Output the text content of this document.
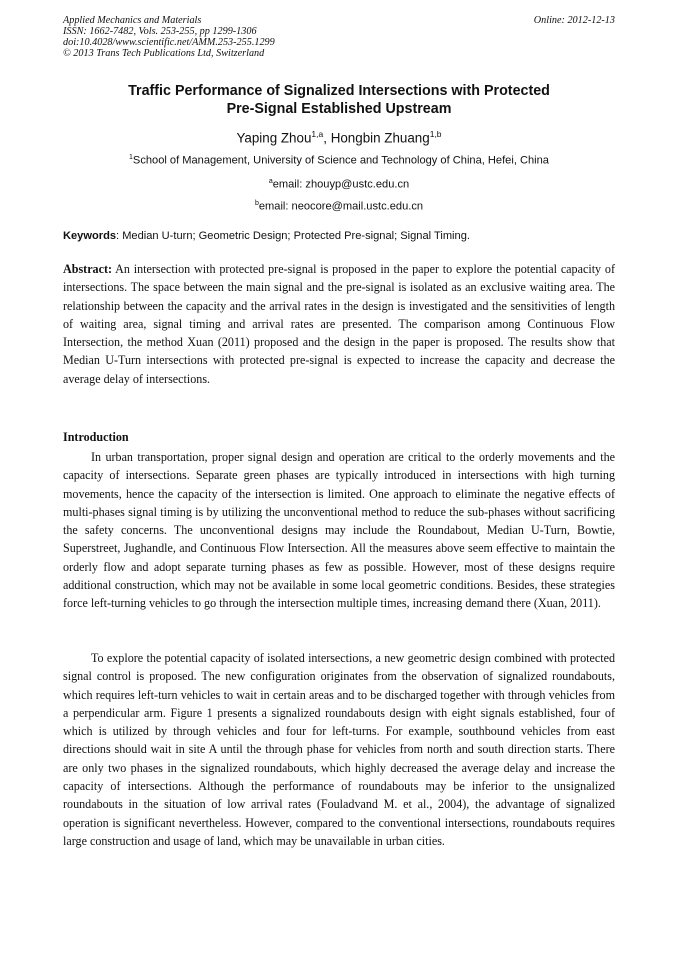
Applied Mechanics and Materials
ISSN: 1662-7482, Vols. 253-255, pp 1299-1306
doi:10.4028/www.scientific.net/AMM.253-255.1299
© 2013 Trans Tech Publications Ltd, Switzerland
Online: 2012-12-13
Traffic Performance of Signalized Intersections with Protected
Pre-Signal Established Upstream
Yaping Zhou$^{1,a}$, Hongbin Zhuang$^{1,b}$
$^1$School of Management, University of Science and Technology of China, Hefei, China
$^a$email: zhouyp@ustc.edu.cn
$^b$email: neocore@mail.ustc.edu.cn
Keywords: Median U-turn; Geometric Design; Protected Pre-signal; Signal Timing.
Abstract: An intersection with protected pre-signal is proposed in the paper to explore the potential capacity of intersections. The space between the main signal and the pre-signal is isolated as an exclusive waiting area. The relationship between the capacity and the arrival rates in the design is investigated and the sensitivities of length of waiting area, signal timing and arrival rates are presented. The comparison among Continuous Flow Intersection, the method Xuan (2011) proposed and the design in the paper is proposed. The results show that Median U-Turn intersections with protected pre-signal is expected to increase the capacity and decrease the average delay of intersections.
Introduction
In urban transportation, proper signal design and operation are critical to the orderly movements and the capacity of intersections. Separate green phases are typically introduced in intersections with high turning movements, hence the capacity of the intersection is limited. One approach to eliminate the negative effects of multi-phases signal timing is by utilizing the unconventional method to reduce the sub-phases without sacrificing the safety concerns. The unconventional designs may include the Roundabout, Median U-Turn, Bowtie, Superstreet, Jughandle, and Continuous Flow Intersection. All the measures above seem effective to maintain the orderly flow and adopt separate turning phases as few as possible. However, most of these designs require additional construction, which may not be available in some local geometric conditions. Besides, these strategies force left-turning vehicles to go through the intersection multiple times, increasing demand there (Xuan, 2011).
To explore the potential capacity of isolated intersections, a new geometric design combined with protected signal control is proposed. The new configuration originates from the observation of signalized roundabouts, which requires left-turn vehicles to wait in certain areas and to be discharged together with through vehicles from a perpendicular arm. Figure 1 presents a signalized roundabouts design with eight signals established, four of which is utilized by through vehicles and four for left-turns. For example, southbound vehicles from east directions should wait in site A until the through phase for vehicles from north and south direction starts. There are only two phases in the signalized roundabouts, which highly decreased the average delay and increase the capacity of intersections. Although the performance of roundabouts may be inferior to the unsignalized roundabouts in the situation of low arrival rates (Fouladvand M. et al., 2004), the advantage of signalized operation is significant nevertheless. However, compared to the conventional intersections, roundabouts requires large construction and usage of land, which may be unavailable in urban cities.
